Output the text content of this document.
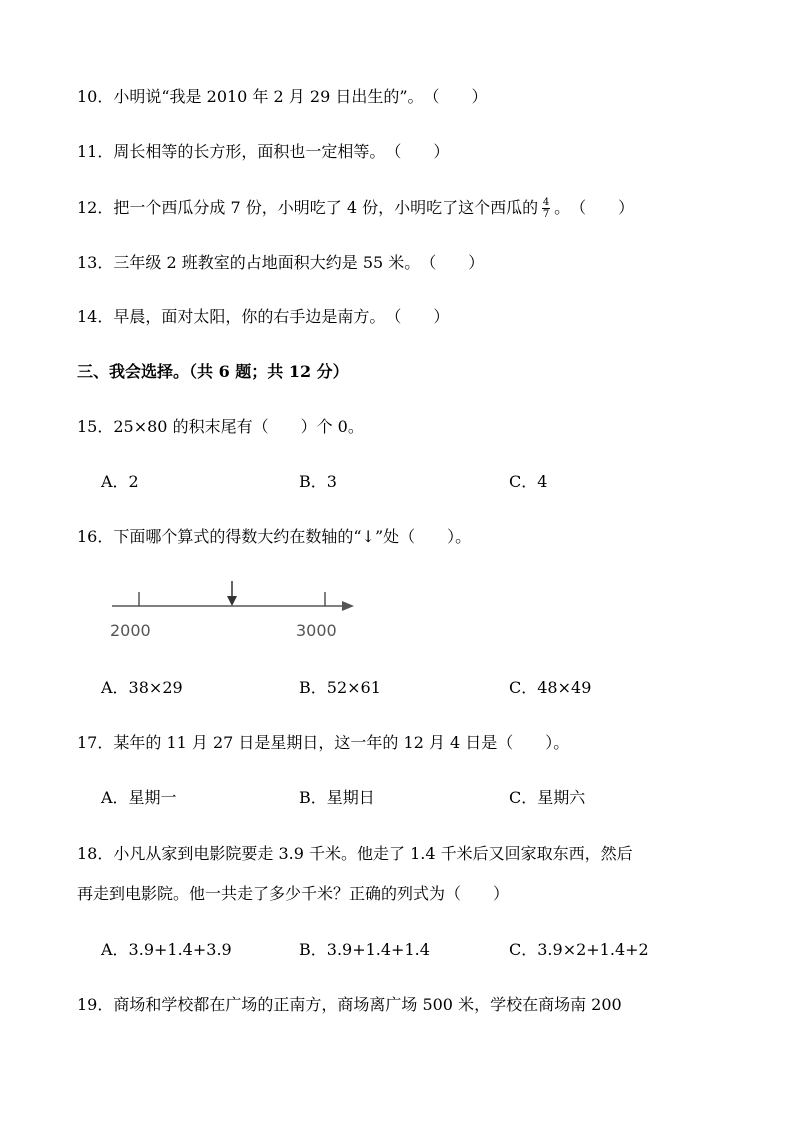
10．小明说“我是 2010 年 2 月 29 日出生的”。（　　）
11．周长相等的长方形，面积也一定相等。（　　）
12．把一个西瓜分成 7 份，小明吃了 4 份，小明吃了这个西瓜的 $\frac{4}{7}$ 。（　　）
13．三年级 2 班教室的占地面积大约是 55 米。（　　）
14．早晨，面对太阳，你的右手边是南方。（　　）
三、我会选择。（共 6 题；共 12 分）
15．25×80 的积末尾有（　　）个 0。
A．2	B．3	C．4
16．下面哪个算式的得数大约在数轴的“↓”处（　　）。
2000	3000
A．38×29	B．52×61	C．48×49
17．某年的 11 月 27 日是星期日，这一年的 12 月 4 日是（　　）。
A．星期一	B．星期日	C．星期六
18．小凡从家到电影院要走 3.9 千米。他走了 1.4 千米后又回家取东西，然后
再走到电影院。他一共走了多少千米？正确的列式为（　　）
A．3.9+1.4+3.9	B．3.9+1.4+1.4	C．3.9×2+1.4+2
19．商场和学校都在广场的正南方，商场离广场 500 米，学校在商场南 200
